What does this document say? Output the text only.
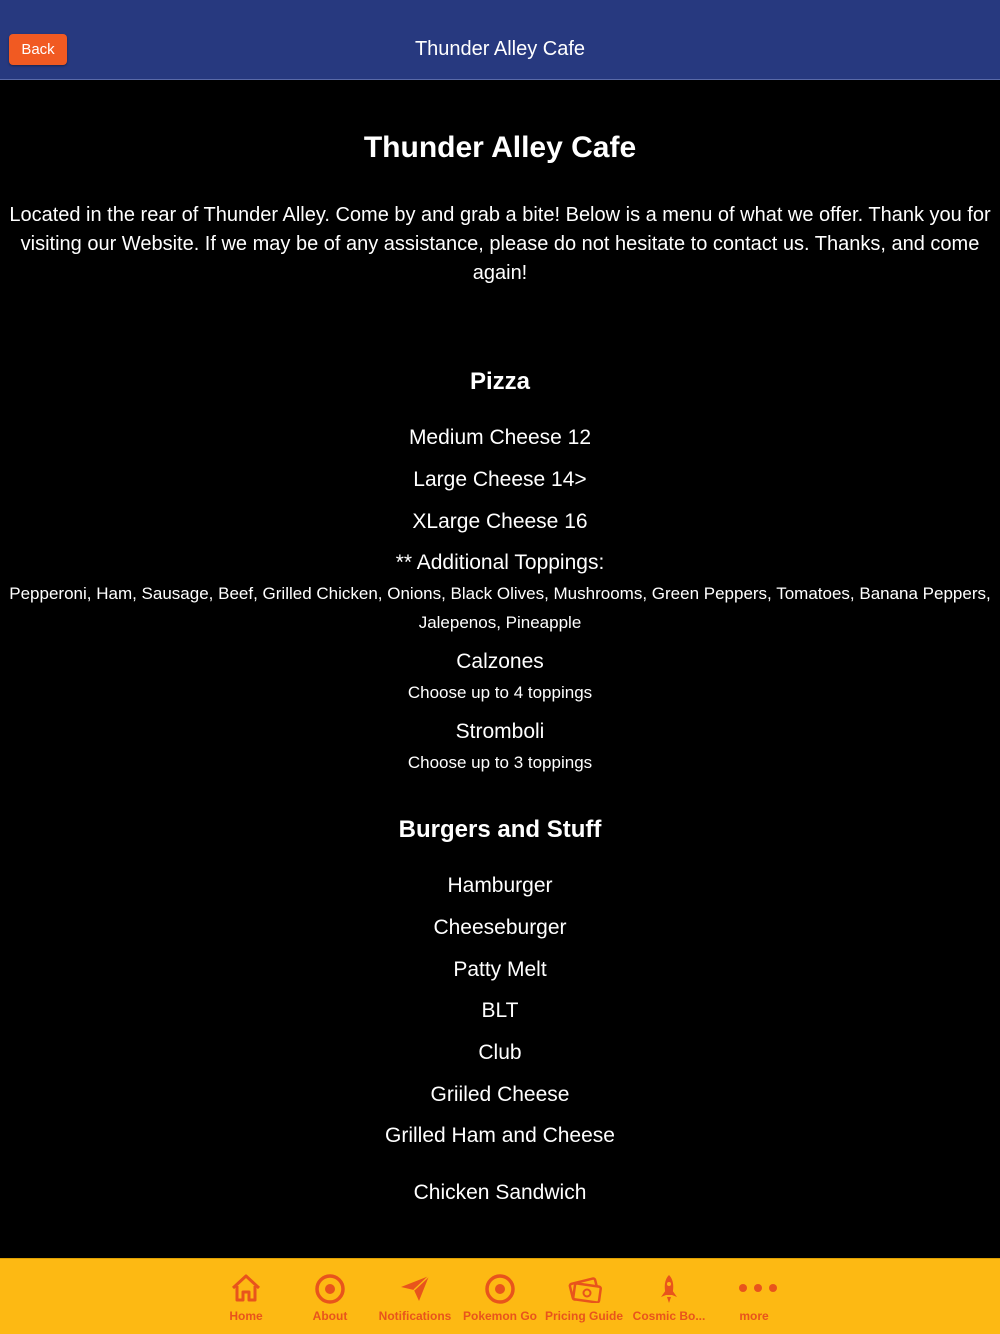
Back	Thunder Alley Cafe
Thunder Alley Cafe
Located in the rear of Thunder Alley. Come by and grab a bite! Below is a menu of what we offer. Thank you for visiting our Website. If we may be of any assistance, please do not hesitate to contact us. Thanks, and come again!
Pizza
Medium Cheese 12
Large Cheese 14>
XLarge Cheese 16
** Additional Toppings:
Pepperoni, Ham, Sausage, Beef, Grilled Chicken, Onions, Black Olives, Mushrooms, Green Peppers, Tomatoes, Banana Peppers, Jalepenos, Pineapple
Calzones
Choose up to 4 toppings
Stromboli
Choose up to 3 toppings
Burgers and Stuff
Hamburger
Cheeseburger
Patty Melt
BLT
Club
Griiled Cheese
Grilled Ham and Cheese
Chicken Sandwich
Home	About	Notifications Pokemon Go Pricing Guide Cosmic Bo...	more
